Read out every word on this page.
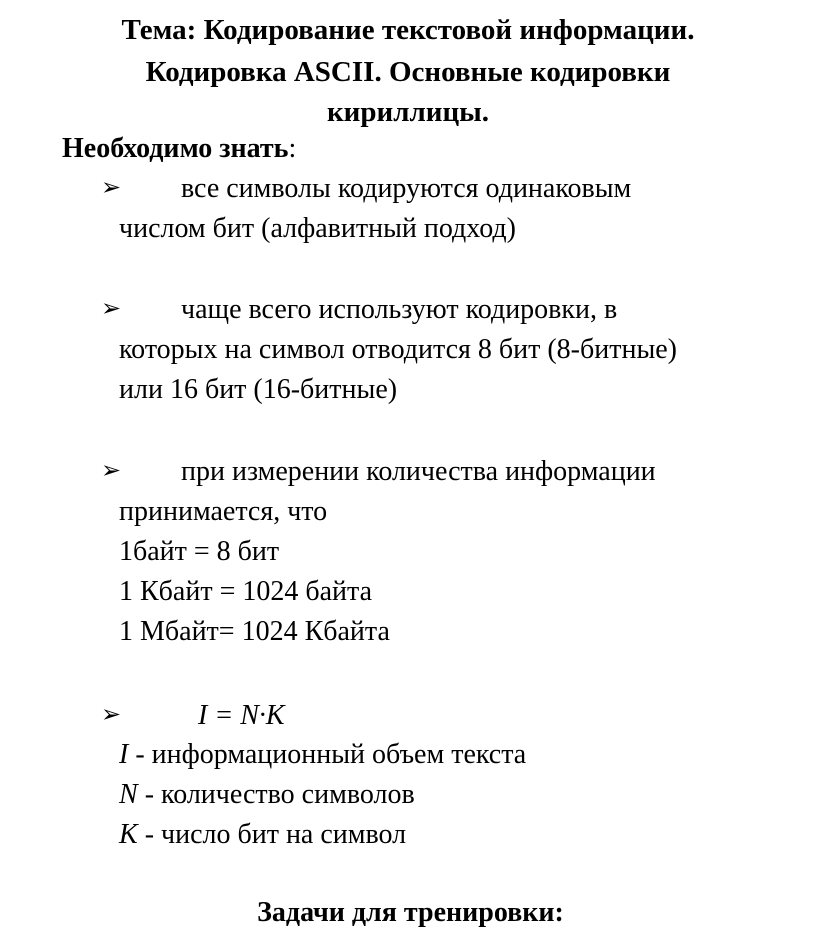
Тема: Кодирование текстовой информации.
Кодировка ASCII. Основные кодировки
кириллицы.
Необходимо знать:
➢ все символы кодируются одинаковым
числом бит (алфавитный подход)
➢ чаще всего используют кодировки, в
которых на символ отводится 8 бит (8-битные)
или 16 бит (16-битные)
➢ при измерении количества информации
принимается, что
1байт = 8 бит
1 Кбайт = 1024 байта
1 Мбайт= 1024 Кбайта
➢	I = N·K
I - информационный объем текста
N - количество символов
K - число бит на символ
Задачи для тренировки:
